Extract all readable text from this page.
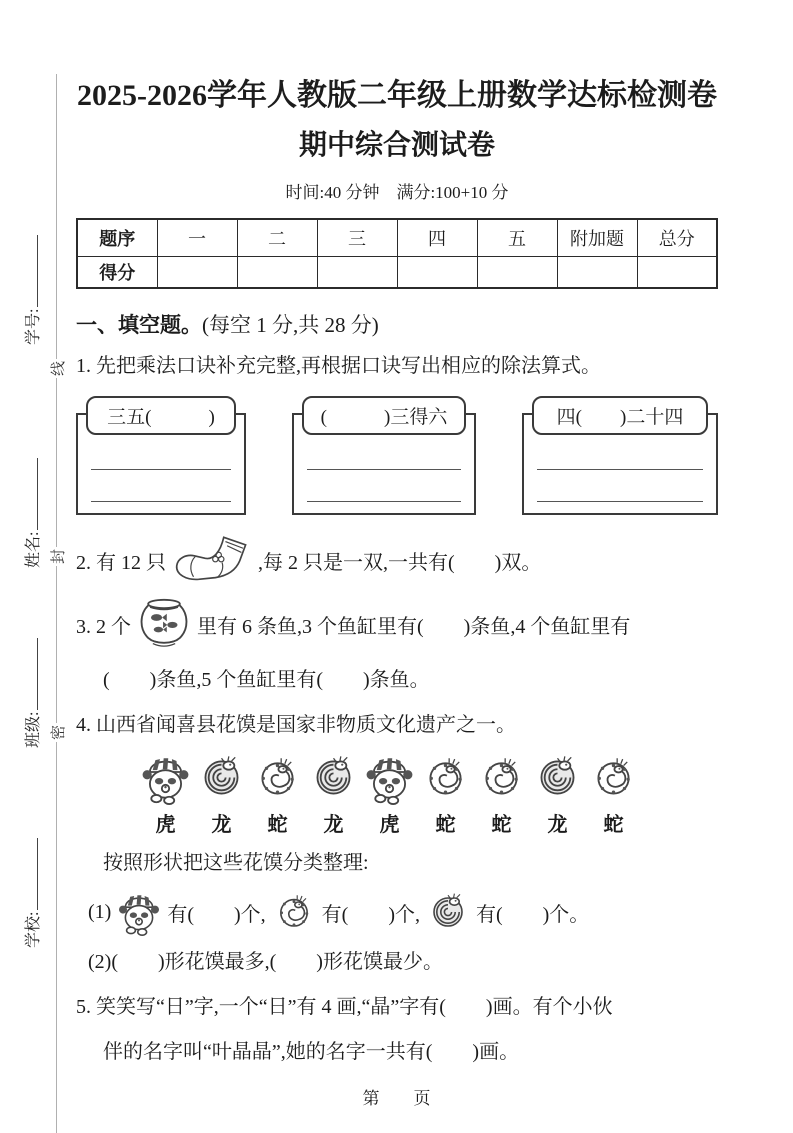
学号:
姓名:
班级:
学校:
线
封
密
2025-2026学年人教版二年级上册数学达标检测卷
期中综合测试卷
时间:40 分钟　满分:100+10 分
题序	一	二	三	四	五	附加题	总分
得分							
一、填空题。(每空 1 分,共 28 分)
1. 先把乘法口诀补充完整,再根据口诀写出相应的除法算式。
三五(　　　)	(　　　)三得六	四(　　)二十四
2. 有 12 只	,每 2 只是一双,一共有(　　)双。
3. 2 个	里有 6 条鱼,3 个鱼缸里有(　　)条鱼,4 个鱼缸里有
(　　)条鱼,5 个鱼缸里有(　　)条鱼。
4. 山西省闻喜县花馍是国家非物质文化遗产之一。
虎	龙	蛇	龙	虎	蛇	蛇	龙	蛇
按照形状把这些花馍分类整理:
(1)	有(　　)个,	有(　　)个,	有(　　)个。
(2)(　　)形花馍最多,(　　)形花馍最少。
5. 笑笑写“日”字,一个“日”有 4 画,“晶”字有(　　)画。有个小伙
伴的名字叫“叶晶晶”,她的名字一共有(　　)画。
第　　页
